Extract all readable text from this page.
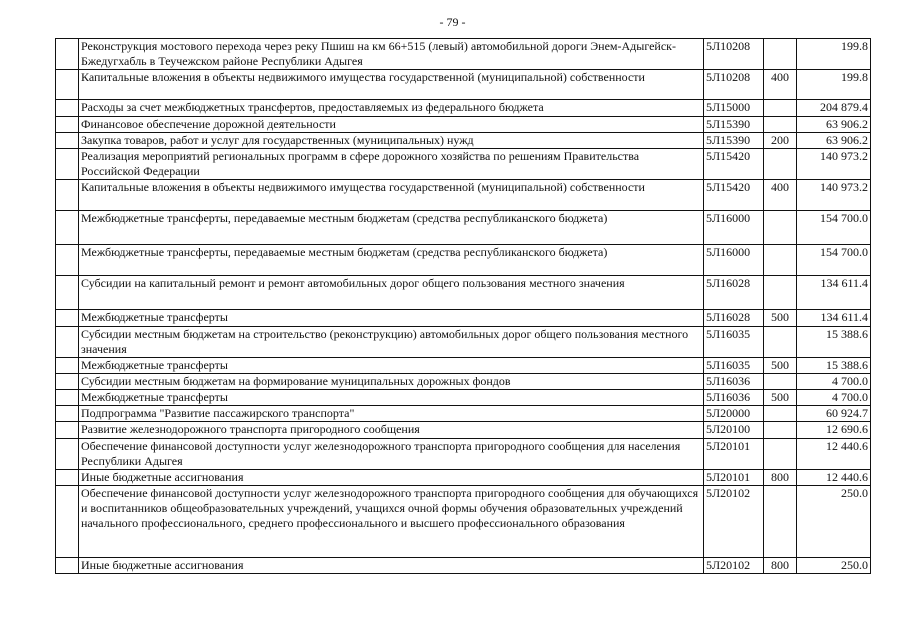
- 79 -
	Реконструкция мостового перехода через реку Пшиш на км 66+515 (левый) автомобильной дороги Энем-Адыгейск-Бжедугхабль в Теучежском районе Республики Адыгея	5Л10208		199.8
	Капитальные вложения в объекты недвижимого имущества государственной (муниципальной) собственности	5Л10208	400	199.8
	Расходы за счет межбюджетных трансфертов, предоставляемых из федерального бюджета	5Л15000		204 879.4
	Финансовое обеспечение дорожной деятельности	5Л15390		63 906.2
	Закупка товаров, работ и услуг для государственных (муниципальных) нужд	5Л15390	200	63 906.2
	Реализация мероприятий региональных программ в сфере дорожного хозяйства по решениям Правительства Российской Федерации	5Л15420		140 973.2
	Капитальные вложения в объекты недвижимого имущества государственной (муниципальной) собственности	5Л15420	400	140 973.2
	Межбюджетные трансферты, передаваемые местным бюджетам (средства республиканского бюджета)	5Л16000		154 700.0
	Межбюджетные трансферты, передаваемые местным бюджетам (средства республиканского бюджета)	5Л16000		154 700.0
	Субсидии на капитальный ремонт и ремонт автомобильных дорог общего пользования местного значения	5Л16028		134 611.4
	Межбюджетные трансферты	5Л16028	500	134 611.4
	Субсидии местным бюджетам на строительство (реконструкцию) автомобильных дорог общего пользования местного значения	5Л16035		15 388.6
	Межбюджетные трансферты	5Л16035	500	15 388.6
	Субсидии местным бюджетам на формирование муниципальных дорожных фондов	5Л16036		4 700.0
	Межбюджетные трансферты	5Л16036	500	4 700.0
	Подпрограмма "Развитие пассажирского транспорта"	5Л20000		60 924.7
	Развитие железнодорожного транспорта пригородного сообщения	5Л20100		12 690.6
	Обеспечение финансовой доступности услуг железнодорожного транспорта пригородного сообщения для населения Республики Адыгея	5Л20101		12 440.6
	Иные бюджетные ассигнования	5Л20101	800	12 440.6
	Обеспечение финансовой доступности услуг железнодорожного транспорта пригородного сообщения для обучающихся и воспитанников общеобразовательных учреждений, учащихся очной формы обучения образовательных учреждений начального профессионального, среднего профессионального и высшего профессионального образования	5Л20102		250.0
	Иные бюджетные ассигнования	5Л20102	800	250.0
